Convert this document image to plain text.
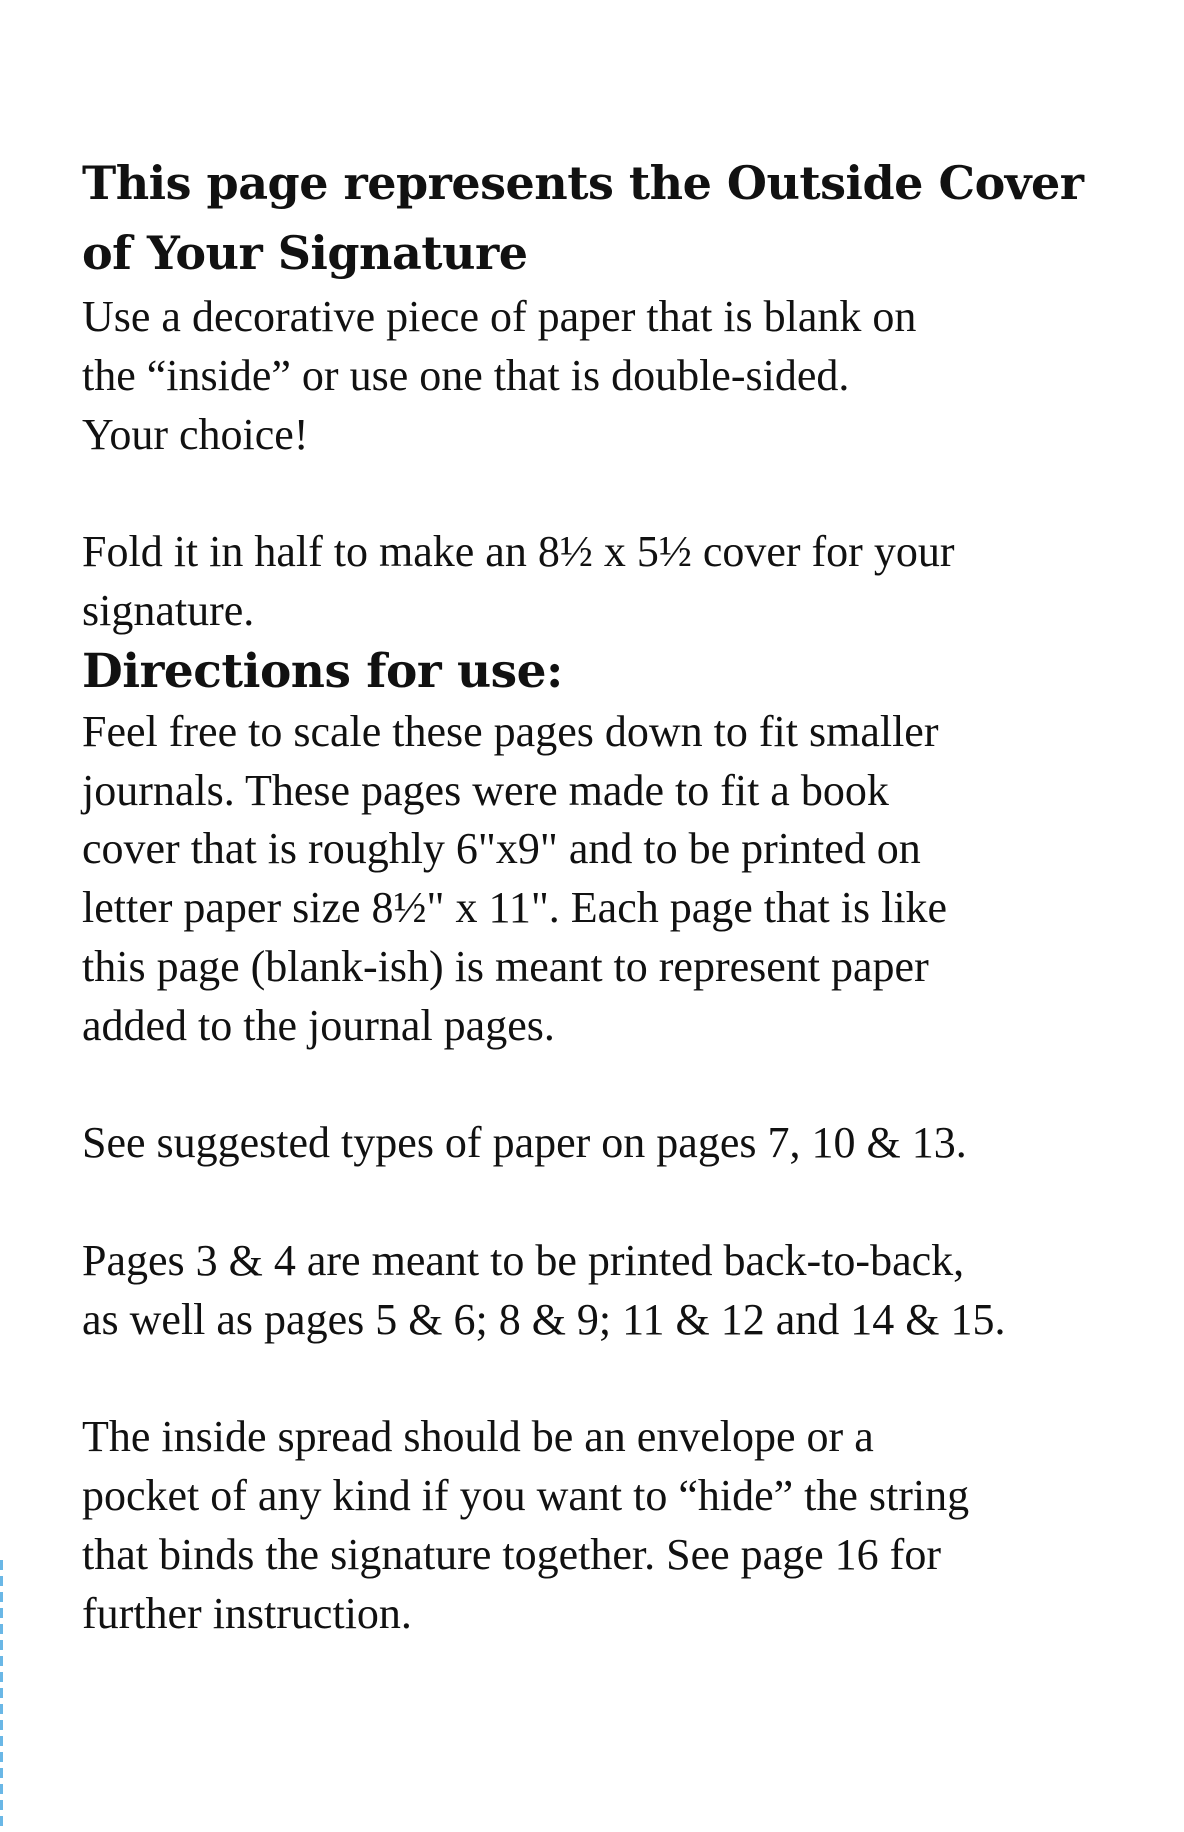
This page represents the Outside Cover
of Your Signature

Use a decorative piece of paper that is blank on
the “inside” or use one that is double-sided.
Your choice!

Fold it in half to make an 8½ x 5½ cover for your
signature.

Directions for use:

Feel free to scale these pages down to fit smaller
journals. These pages were made to fit a book
cover that is roughly 6"x9" and to be printed on
letter paper size 8½" x 11". Each page that is like
this page (blank-ish) is meant to represent paper
added to the journal pages.

See suggested types of paper on pages 7, 10 & 13.

Pages 3 & 4 are meant to be printed back-to-back,
as well as pages 5 & 6; 8 & 9; 11 & 12 and 14 & 15.

The inside spread should be an envelope or a
pocket of any kind if you want to “hide” the string
that binds the signature together. See page 16 for
further instruction.
